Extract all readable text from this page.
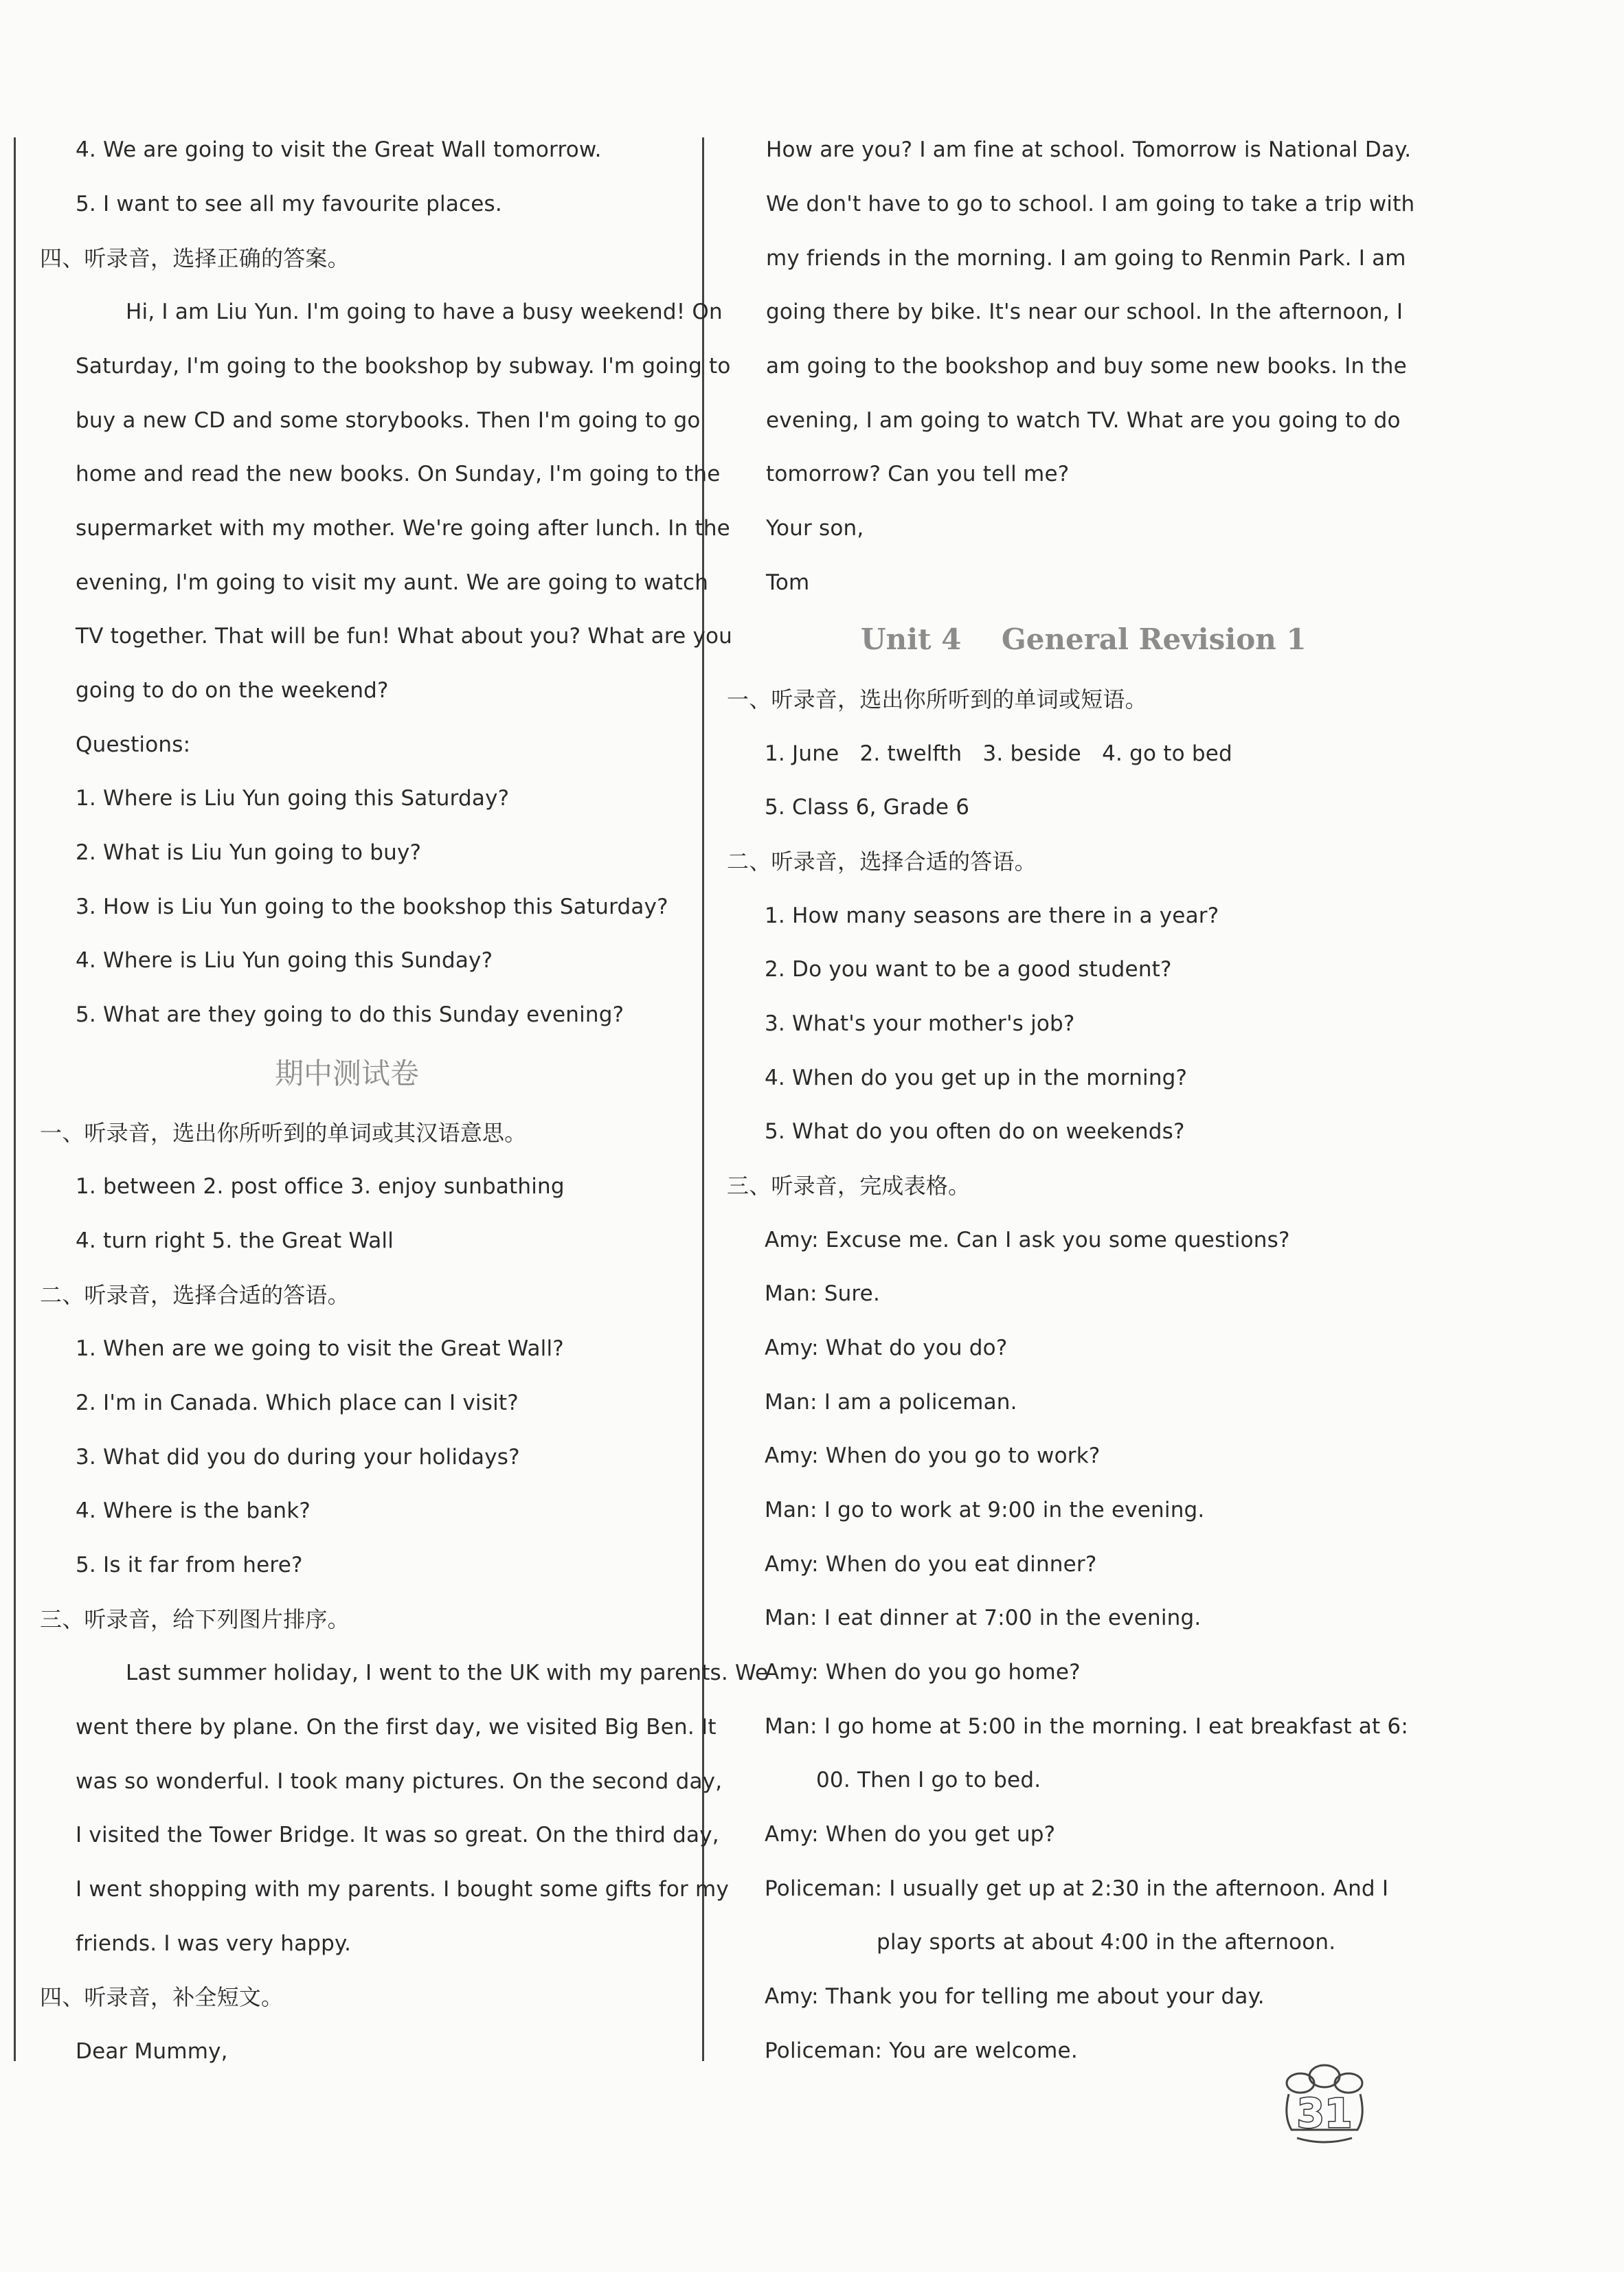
4. We are going to visit the Great Wall tomorrow.
5. I want to see all my favourite places.
四、听录音，选择正确的答案。
Hi, I am Liu Yun. I'm going to have a busy weekend! On
Saturday, I'm going to the bookshop by subway. I'm going to
buy a new CD and some storybooks. Then I'm going to go
home and read the new books. On Sunday, I'm going to the
supermarket with my mother. We're going after lunch. In the
evening, I'm going to visit my aunt. We are going to watch
TV together. That will be fun! What about you? What are you
going to do on the weekend?
Questions:
1. Where is Liu Yun going this Saturday?
2. What is Liu Yun going to buy?
3. How is Liu Yun going to the bookshop this Saturday?
4. Where is Liu Yun going this Sunday?
5. What are they going to do this Sunday evening?
期中测试卷
一、听录音，选出你所听到的单词或其汉语意思。
1. between 2. post office 3. enjoy sunbathing
4. turn right 5. the Great Wall
二、听录音，选择合适的答语。
1. When are we going to visit the Great Wall?
2. I'm in Canada. Which place can I visit?
3. What did you do during your holidays?
4. Where is the bank?
5. Is it far from here?
三、听录音，给下列图片排序。
Last summer holiday, I went to the UK with my parents. We
went there by plane. On the first day, we visited Big Ben. It
was so wonderful. I took many pictures. On the second day,
I visited the Tower Bridge. It was so great. On the third day,
I went shopping with my parents. I bought some gifts for my
friends. I was very happy.
四、听录音，补全短文。
Dear Mummy,
How are you? I am fine at school. Tomorrow is National Day.
We don't have to go to school. I am going to take a trip with
my friends in the morning. I am going to Renmin Park. I am
going there by bike. It's near our school. In the afternoon, I
am going to the bookshop and buy some new books. In the
evening, I am going to watch TV. What are you going to do
tomorrow? Can you tell me?
Your son,
Tom
Unit 4    General Revision 1
一、听录音，选出你所听到的单词或短语。
1. June   2. twelfth   3. beside   4. go to bed
5. Class 6, Grade 6
二、听录音，选择合适的答语。
1. How many seasons are there in a year?
2. Do you want to be a good student?
3. What's your mother's job?
4. When do you get up in the morning?
5. What do you often do on weekends?
三、听录音，完成表格。
Amy: Excuse me. Can I ask you some questions?
Man: Sure.
Amy: What do you do?
Man: I am a policeman.
Amy: When do you go to work?
Man: I go to work at 9:00 in the evening.
Amy: When do you eat dinner?
Man: I eat dinner at 7:00 in the evening.
Amy: When do you go home?
Man: I go home at 5:00 in the morning. I eat breakfast at 6:
00. Then I go to bed.
Amy: When do you get up?
Policeman: I usually get up at 2:30 in the afternoon. And I
play sports at about 4:00 in the afternoon.
Amy: Thank you for telling me about your day.
Policeman: You are welcome.
31
